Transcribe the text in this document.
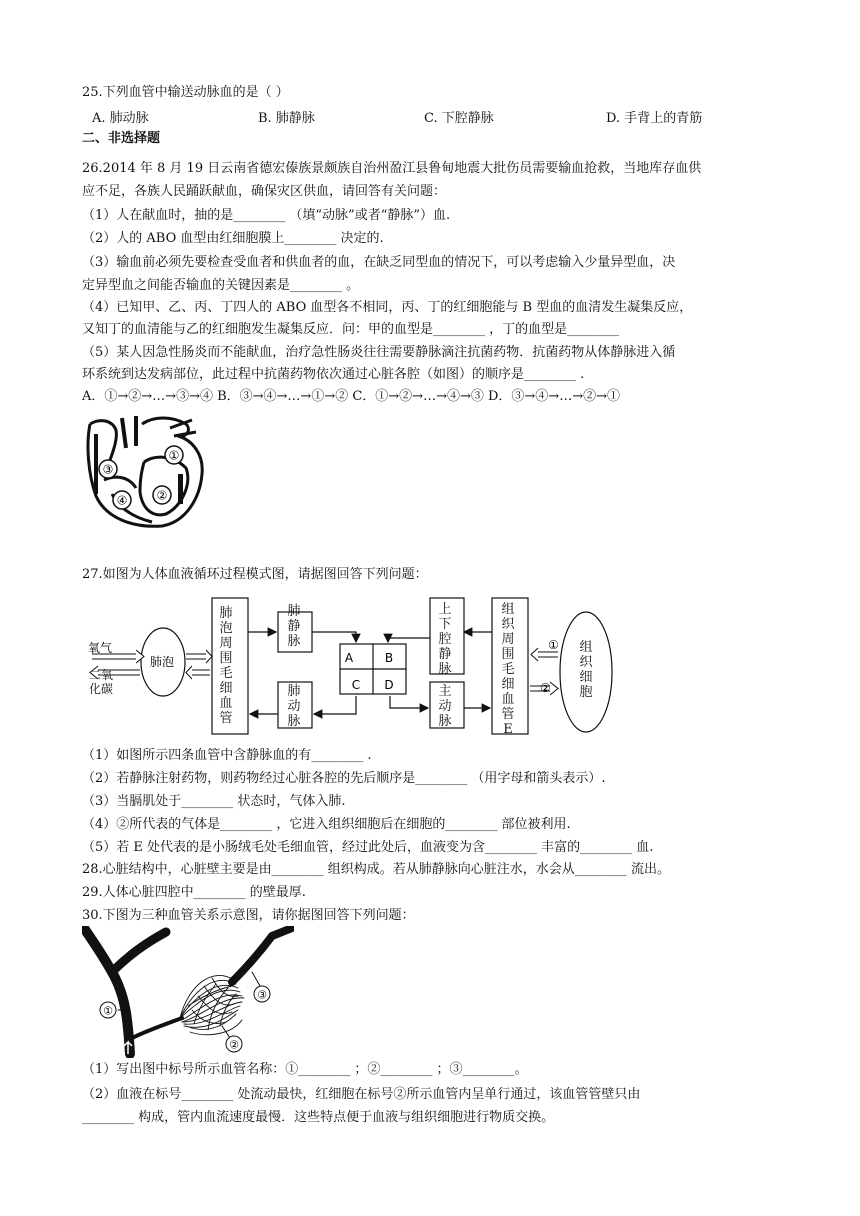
25.下列血管中输送动脉血的是（ ）
A. 肺动脉	B. 肺静脉	C. 下腔静脉	D. 手背上的青筋
二、非选择题
26.2014 年 8 月 19 日云南省德宏傣族景颇族自治州盈江县鲁甸地震大批伤员需要输血抢救，当地库存血供
应不足，各族人民踊跃献血，确保灾区供血，请回答有关问题：
（1）人在献血时，抽的是________ （填“动脉”或者“静脉”）血.
（2）人的 ABO 血型由红细胞膜上________ 决定的.
（3）输血前必须先要检查受血者和供血者的血，在缺乏同型血的情况下，可以考虑输入少量异型血，决
定异型血之间能否输血的关键因素是________ 。
（4）已知甲、乙、丙、丁四人的 ABO 血型各不相同，丙、丁的红细胞能与 B 型血的血清发生凝集反应，
又知丁的血清能与乙的红细胞发生凝集反应．问：甲的血型是________ ，丁的血型是________
（5）某人因急性肠炎而不能献血，治疗急性肠炎往往需要静脉滴注抗菌药物．抗菌药物从体静脉进入循
环系统到达发病部位，此过程中抗菌药物依次通过心脏各腔（如图）的顺序是________ .
A．①→②→…→③→④ B．③→④→…→①→② C．①→②→…→④→③ D．③→④→…→②→①
③
①
④ ②
27.如图为人体血液循环过程模式图，请据图回答下列问题：
氧气
肺泡
①
②
A	B
C D
二氧化碳
肺泡周围毛细血管
肺静脉
肺动脉
上下腔静脉
主动脉
组织周围毛细血管E
组织细胞
（1）如图所示四条血管中含静脉血的有________ .
（2）若静脉注射药物，则药物经过心脏各腔的先后顺序是________ （用字母和箭头表示）.
（3）当膈肌处于________ 状态时，气体入肺.
（4）②所代表的气体是________ ，它进入组织细胞后在细胞的________ 部位被利用.
（5）若 E 处代表的是小肠绒毛处毛细血管，经过此处后，血液变为含________ 丰富的________ 血.
28.心脏结构中，心脏壁主要是由________ 组织构成。若从肺静脉向心脏注水，水会从________ 流出。
29.人体心脏四腔中________ 的壁最厚.
30.下图为三种血管关系示意图，请你据图回答下列问题：
①
②
③
（1）写出图中标号所示血管名称：①________ ；②________ ；③________。
（2）血液在标号________ 处流动最快，红细胞在标号②所示血管内呈单行通过，该血管管壁只由
________ 构成，管内血流速度最慢．这些特点便于血液与组织细胞进行物质交换。
